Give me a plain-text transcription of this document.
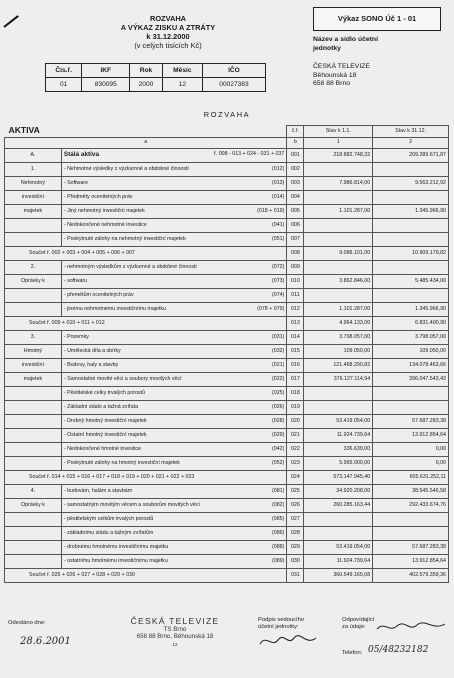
ROZVAHA
A VÝKAZ ZISKU A ZTRÁTY
k 31.12.2000
(v celých tisících Kč)
Výkaz SONO Úč 1 - 01
Název a sídlo účetní
jednotky
ČESKÁ TELEVIZE
Běhounská 18
658 88 Brno
Čís.ř.	IKF	Rok	Měsíc	IČO
01	830095	2000	12	00027383
ROZVAHA
AKTIVA		č.ř.	Stav k 1.1.	Stav k 31.12.
a		b	1	2
A.	Stálá aktiva ř. 008 - 013 + 024 - 031 + 037	001	218.882.748,32	209.289.671,87
1.	- Nehmotné výsledky z výzkumné a obdobné činnosti (012)	002		
Nehmotný	- Software (013)	003	7.986.814,00	9.563.212,92
investiční	- Předměty ocenitelných práv (014)	004		
majetek	- Jiný nehmotný investiční majetek (018 + 019)	005	1.101.287,00	1.345.966,90
	- Nedokončené nehmotné investice (041)	006		
	- Poskytnuté zálohy na nehmotný investiční majetek (051)	007		
Součet ř. 002 + 003 + 004 + 005 + 006 + 007		008	9.088.101,00	10.909.179,82
2.	- nehmotným výsledkům z výzkumné a obdobné činnosti (072)	009		
Oprávky k	- softwaru (073)	010	3.862.846,00	5.485.434,00
	- přemětům ocenitelných práv (074)	011		
	- jinému nehmotnému investičnímu majetku (078 + 079)	012	1.101.287,00	1.345.966,90
Součet ř. 009 + 010 + 011 + 012		013	4.964.133,00	6.831.400,90
3.	- Pozemky (031)	014	3.798.057,00	3.798.057,00
Hmotný	- Umělecká díla a sbírky (032)	015	109.050,00	109.050,00
investiční	- Budovy, haly a stavby (021)	016	121.468.290,82	134.078.463,66
majetek	- Samostatné movité věci a soubory movitých věcí (022)	017	376.127.114,94	396.047.543,43
	- Pěstitelské celky trvalých porostů (025)	018		
	- Základní stádo a tažná zvířata (026)	019		
	- Drobný hmotný investiční majetek (028)	020	53.419.054,00	57.687.283,38
	- Ostatní hmotný investiční majetek (029)	021	11.924.739,64	13.912.854,64
	- Nedokončené hmotné investice (042)	022	336.639,00	0,00
	- Poskytnuté zálohy na hmotný investiční majetek (052)	023	5.965.000,00	0,00
Součet ř. 014 + 015 + 016 + 017 + 018 + 019 + 020 + 021 + 022 + 023		024	573.147.945,40	605.631.252,11
4.	- budovám, halám a stavbám (081)	025	34.920.208,00	38.545.546,58
Oprávky k	- samostatným movitým věcem a souborům movitých věcí (082)	026	260.285.163,44	292.433.674,76
	- pěstitelským celkům trvalých porostů (085)	027		
	- základnímu stádu a tažným zvířatům (086)	028		
	- drobnému hmotnému investičnímu majetku (088)	029	53.419.054,00	57.687.283,38
	- ostatnímu hmotnému investičnímu majetku (089)	030	11.924.739,64	13.912.854,64
Součet ř. 025 + 026 + 027 + 028 + 029 + 030		031	360.549.165,08	402.579.359,36
Odesláno dne:
28.6.2001
Podpis vedoucího
účetní jednotky:
Odpovídající
za údaje:
Telefon: 05/48232182
ČESKÁ TELEVIZE
TS Brno
658 88 Brno, Běhounská 18
12
